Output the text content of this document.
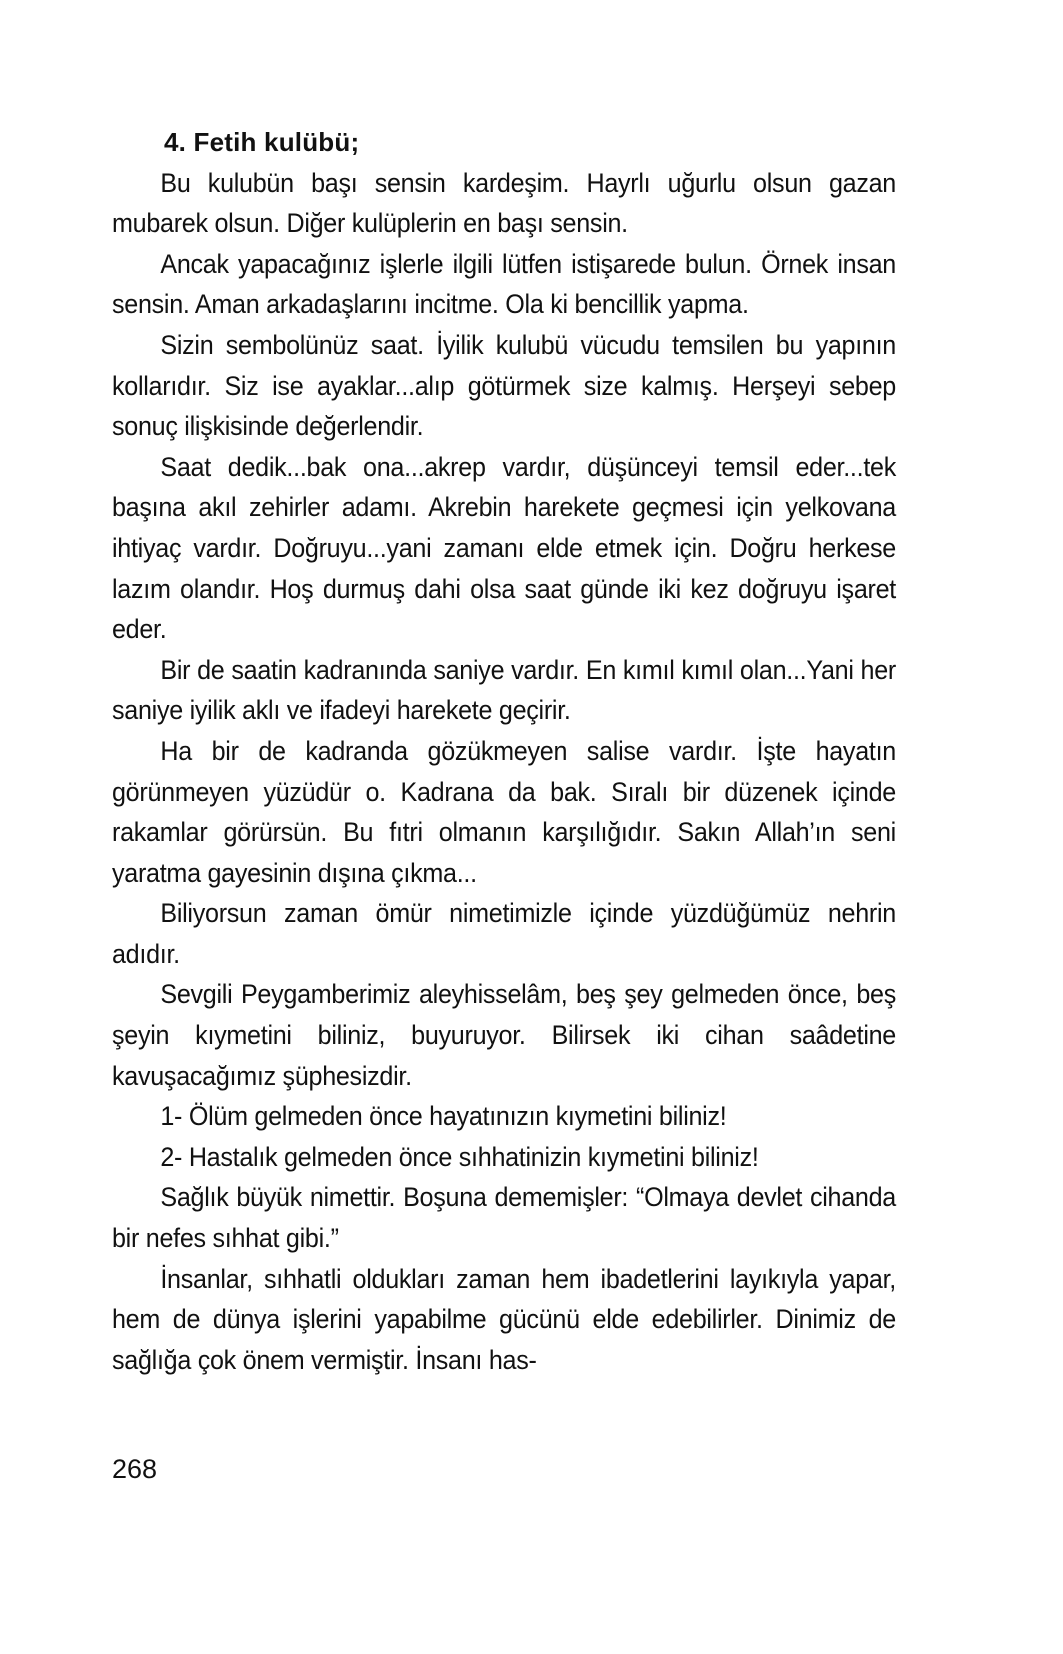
4. Fetih kulübü;

Bu kulubün başı sensin kardeşim. Hayrlı uğurlu olsun gazan mubarek olsun. Diğer kulüplerin en başı sensin.

Ancak yapacağınız işlerle ilgili lütfen istişarede bulun. Örnek insan sensin. Aman arkadaşlarını incitme. Ola ki bencillik yapma.

Sizin sembolünüz saat. İyilik kulubü vücudu temsilen bu yapının kollarıdır. Siz ise ayaklar...alıp götürmek size kalmış. Herşeyi sebep sonuç ilişkisinde değerlendir.

Saat dedik...bak ona...akrep vardır, düşünceyi temsil eder...tek başına akıl zehirler adamı. Akrebin harekete geçmesi için yelkovana ihtiyaç vardır. Doğruyu...yani zamanı elde etmek için. Doğru herkese lazım olandır. Hoş durmuş dahi olsa saat günde iki kez doğruyu işaret eder.

Bir de saatin kadranında saniye vardır. En kımıl kımıl olan...Yani her saniye iyilik aklı ve ifadeyi harekete geçirir.

Ha bir de kadranda gözükmeyen salise vardır. İşte hayatın görünmeyen yüzüdür o. Kadrana da bak. Sıralı bir düzenek içinde rakamlar görürsün. Bu fıtri olmanın karşılığıdır. Sakın Allah’ın seni yaratma gayesinin dışına çıkma...

Biliyorsun zaman ömür nimetimizle içinde yüzdüğümüz nehrin adıdır.

Sevgili Peygamberimiz aleyhisselâm, beş şey gelmeden önce, beş şeyin kıymetini biliniz, buyuruyor. Bilirsek iki cihan saâdetine kavuşacağımız şüphesizdir.

1- Ölüm gelmeden önce hayatınızın kıymetini biliniz!

2- Hastalık gelmeden önce sıhhatinizin kıymetini biliniz!

Sağlık büyük nimettir. Boşuna dememişler: “Olmaya devlet cihanda bir nefes sıhhat gibi.”

İnsanlar, sıhhatli oldukları zaman hem ibadetlerini layıkıyla yapar, hem de dünya işlerini yapabilme gücünü elde edebilirler. Dinimiz de sağlığa çok önem vermiştir. İnsanı has-

268
